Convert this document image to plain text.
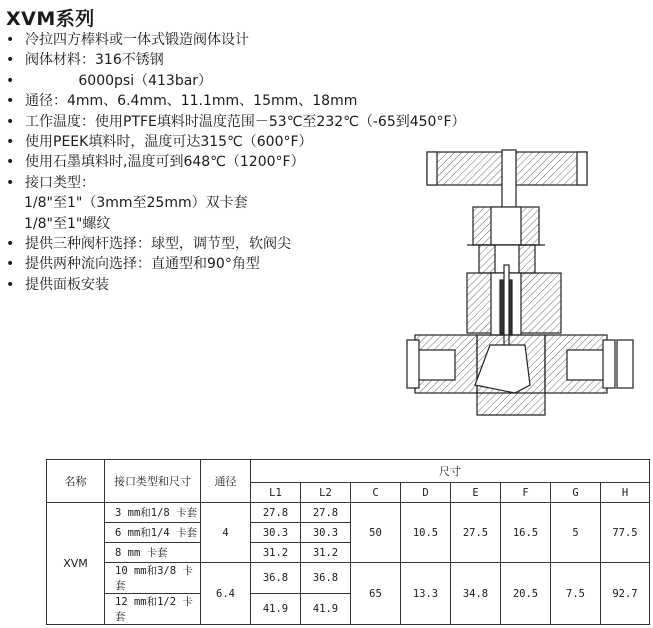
XVM系列
• 冷拉四方棒料或一体式锻造阀体设计
• 阀体材料：316不锈钢
•             6000psi（413bar）
• 通径：4mm、6.4mm、11.1mm、15mm、18mm
• 工作温度：使用PTFE填料时温度范围－53℃至232℃（-65到450°F）
• 使用PEEK填料时，温度可达315℃（600°F）
• 使用石墨填料时,温度可到648℃（1200°F）
• 接口类型：
1/8"至1"（3mm至25mm）双卡套
1/8"至1"螺纹
• 提供三种阀杆选择：球型，调节型，软阀尖
• 提供两种流向选择：直通型和90°角型
• 提供面板安装
名称	接口类型和尺寸	通径	尺寸							
			L1	L2	C	D	E	F	G	H
XVM	3 mm和1/8 卡套	4	27.8	27.8	50	10.5	27.5	16.5	5	77.5
	6 mm和1/4 卡套		30.3	30.3						
	8 mm 卡套		31.2	31.2						
	10 mm和3/8 卡套	6.4	36.8	36.8	65	13.3	34.8	20.5	7.5	92.7
	12 mm和1/2 卡套		41.9	41.9						
